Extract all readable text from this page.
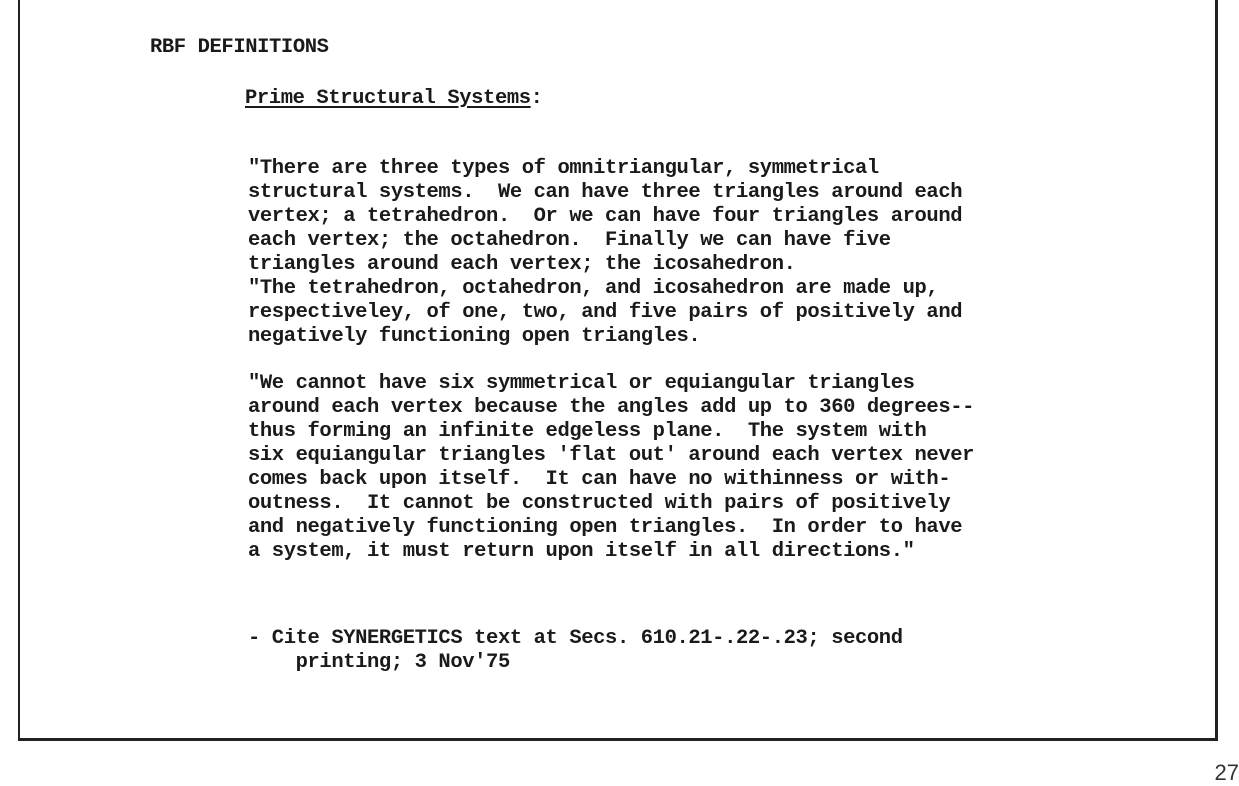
RBF DEFINITIONS

Prime Structural Systems:

"There are three types of omnitriangular, symmetrical
structural systems.  We can have three triangles around each
vertex; a tetrahedron.  Or we can have four triangles around
each vertex; the octahedron.  Finally we can have five
triangles around each vertex; the icosahedron.
"The tetrahedron, octahedron, and icosahedron are made up,
respectiveley, of one, two, and five pairs of positively and
negatively functioning open triangles.
"We cannot have six symmetrical or equiangular triangles
around each vertex because the angles add up to 360 degrees--
thus forming an infinite edgeless plane.  The system with
six equiangular triangles 'flat out' around each vertex never
comes back upon itself.  It can have no withinness or with-
outness.  It cannot be constructed with pairs of positively
and negatively functioning open triangles.  In order to have
a system, it must return upon itself in all directions."
- Cite SYNERGETICS text at Secs. 610.21-.22-.23; second
printing; 3 Nov'75

27
